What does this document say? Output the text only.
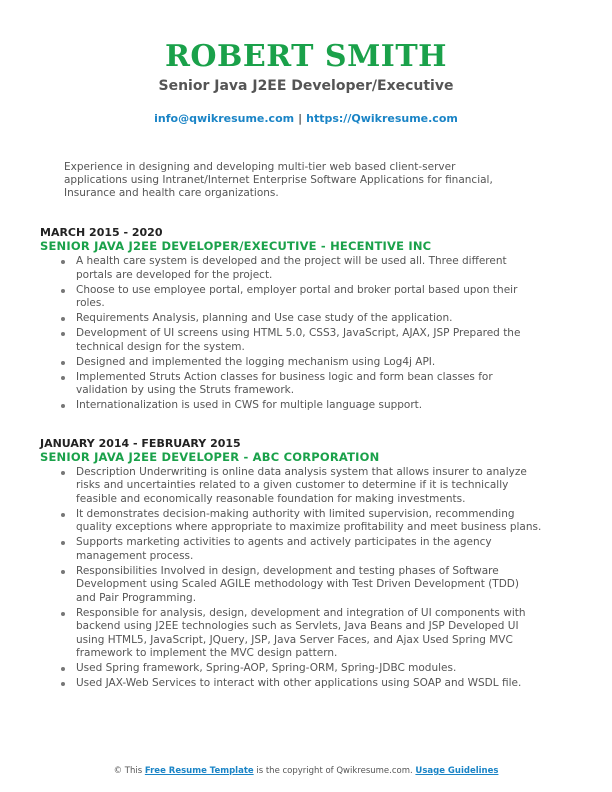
ROBERT SMITH
Senior Java J2EE Developer/Executive
info@qwikresume.com | https://Qwikresume.com
Experience in designing and developing multi-tier web based client-server applications using Intranet/Internet Enterprise Software Applications for financial, Insurance and health care organizations.
MARCH 2015 - 2020
SENIOR JAVA J2EE DEVELOPER/EXECUTIVE - HECENTIVE INC
A health care system is developed and the project will be used all. Three different portals are developed for the project.
Choose to use employee portal, employer portal and broker portal based upon their roles.
Requirements Analysis, planning and Use case study of the application.
Development of UI screens using HTML 5.0, CSS3, JavaScript, AJAX, JSP Prepared the technical design for the system.
Designed and implemented the logging mechanism using Log4j API.
Implemented Struts Action classes for business logic and form bean classes for validation by using the Struts framework.
Internationalization is used in CWS for multiple language support.
JANUARY 2014 - FEBRUARY 2015
SENIOR JAVA J2EE DEVELOPER - ABC CORPORATION
Description Underwriting is online data analysis system that allows insurer to analyze risks and uncertainties related to a given customer to determine if it is technically feasible and economically reasonable foundation for making investments.
It demonstrates decision-making authority with limited supervision, recommending quality exceptions where appropriate to maximize profitability and meet business plans.
Supports marketing activities to agents and actively participates in the agency management process.
Responsibilities Involved in design, development and testing phases of Software Development using Scaled AGILE methodology with Test Driven Development (TDD) and Pair Programming.
Responsible for analysis, design, development and integration of UI components with backend using J2EE technologies such as Servlets, Java Beans and JSP Developed UI using HTML5, JavaScript, JQuery, JSP, Java Server Faces, and Ajax Used Spring MVC framework to implement the MVC design pattern.
Used Spring framework, Spring-AOP, Spring-ORM, Spring-JDBC modules.
Used JAX-Web Services to interact with other applications using SOAP and WSDL file.
© This Free Resume Template is the copyright of Qwikresume.com. Usage Guidelines
